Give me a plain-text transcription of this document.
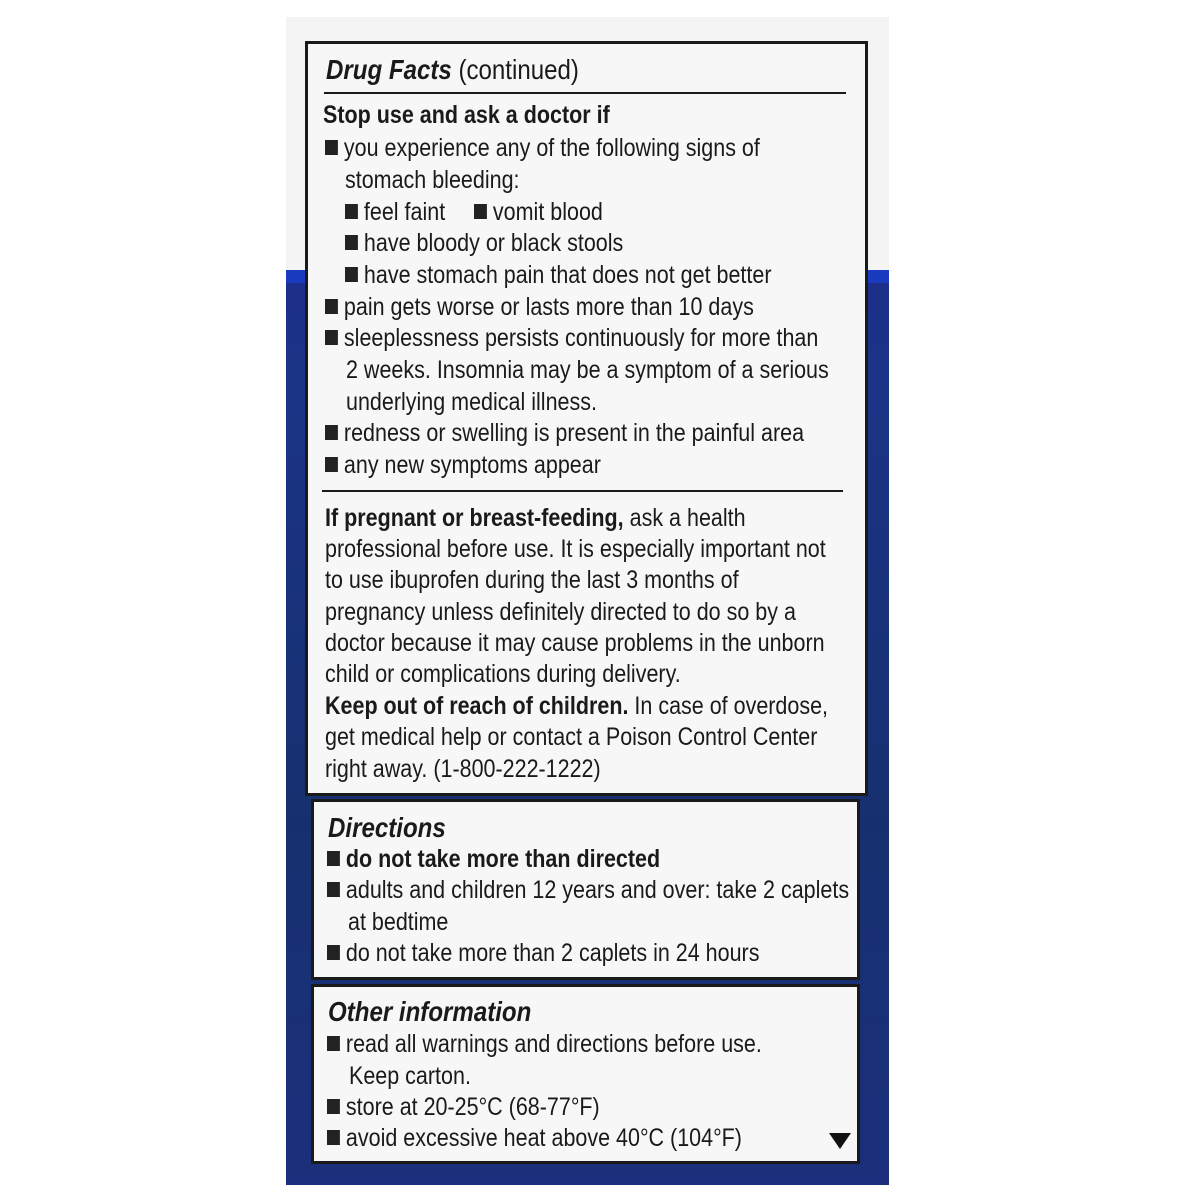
Drug Facts (continued)
Stop use and ask a doctor if
you experience any of the following signs of
stomach bleeding:
feel faint	vomit blood
have bloody or black stools
have stomach pain that does not get better
pain gets worse or lasts more than 10 days
sleeplessness persists continuously for more than
2 weeks. Insomnia may be a symptom of a serious
underlying medical illness.
redness or swelling is present in the painful area
any new symptoms appear
If pregnant or breast-feeding, ask a health
professional before use. It is especially important not
to use ibuprofen during the last 3 months of
pregnancy unless definitely directed to do so by a
doctor because it may cause problems in the unborn
child or complications during delivery.
Keep out of reach of children. In case of overdose,
get medical help or contact a Poison Control Center
right away. (1-800-222-1222)
Directions
do not take more than directed
adults and children 12 years and over: take 2 caplets
at bedtime
do not take more than 2 caplets in 24 hours
Other information
read all warnings and directions before use.
Keep carton.
store at 20-25°C (68-77°F)
avoid excessive heat above 40°C (104°F)
